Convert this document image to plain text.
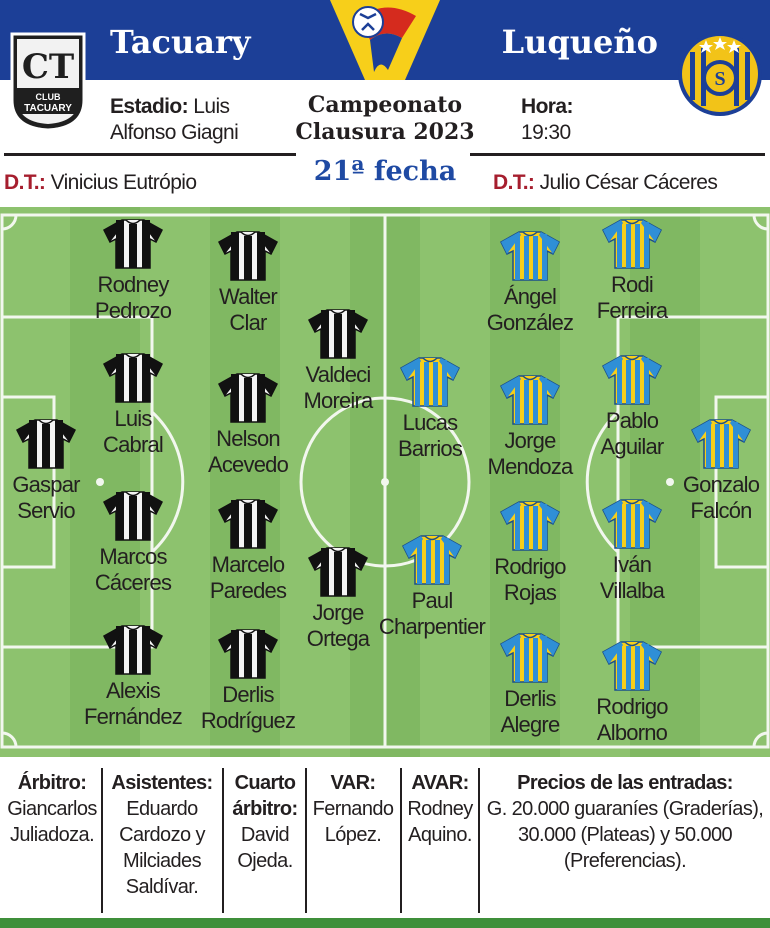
Tacuary	Luqueño
CT
CLUB
TACUARY
S
Estadio: Luis
Alfonso Giagni
Campeonato
Clausura 2023
Hora:
19:30
21ª fecha
D.T.: Vinicius Eutrópio	D.T.: Julio César Cáceres
Rodney
Pedrozo
Walter
Clar
Valdeci
Moreira
Luis
Cabral	Nelson
Acevedo
Gaspar
Servio
Marcos
Cáceres
Marcelo
Paredes
Jorge
Ortega
Alexis
Fernández
Derlis
Rodríguez
Ángel
González
Rodi
Ferreira
Lucas
Barrios	Jorge
Mendoza
Pablo
Aguilar
Gonzalo
Falcón
Rodrigo
Rojas
Iván
Villalba
Paul
Charpentier
Derlis
Alegre
Rodrigo
Alborno
Árbitro:
Giancarlos
Juliadoza.
Asistentes:
Eduardo
Cardozo y
Milciades
Saldívar.
Cuarto
árbitro:
David
Ojeda.
VAR:
Fernando
López.
AVAR:
Rodney
Aquino.
Precios de las entradas:
G. 20.000 guaraníes (Graderías),
30.000 (Plateas) y 50.000
(Preferencias).
